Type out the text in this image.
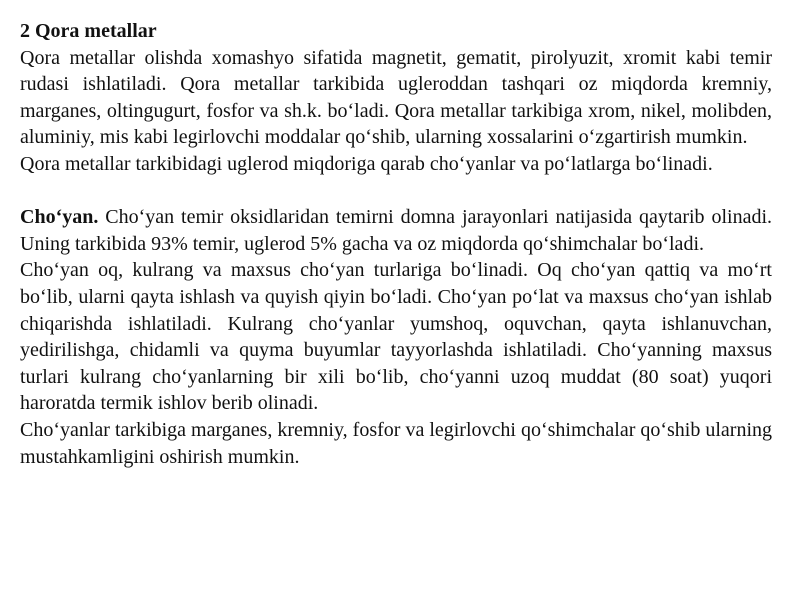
2 Qora metallar

Qora metallar olishda xomashyo sifatida magnetit, gematit, pirolyuzit, xromit kabi temir rudasi ishlatiladi. Qora metallar tarkibida ugleroddan tashqari oz miqdorda kremniy, marganes, oltingugurt, fosfor va sh.k. bo‘ladi. Qora metallar tarkibiga xrom, nikel, molibden, aluminiy, mis kabi legirlovchi moddalar qo‘shib, ularning xossalarini o‘zgartirish mumkin.

Qora metallar tarkibidagi uglerod miqdoriga qarab cho‘yanlar va po‘latlarga bo‘linadi.

Cho‘yan. Cho‘yan temir oksidlaridan temirni domna jarayonlari natijasida qaytarib olinadi. Uning tarkibida 93% temir, uglerod 5% gacha va oz miqdorda qo‘shimchalar bo‘ladi.

Cho‘yan oq, kulrang va maxsus cho‘yan turlariga bo‘linadi. Oq cho‘yan qattiq va mo‘rt bo‘lib, ularni qayta ishlash va quyish qiyin bo‘ladi. Cho‘yan po‘lat va maxsus cho‘yan ishlab chiqarishda ishlatiladi. Kulrang cho‘yanlar yumshoq, oquvchan, qayta ishlanuvchan, yedirilishga, chidamli va quyma buyumlar tayyorlashda ishlatiladi. Cho‘yanning maxsus turlari kulrang cho‘yanlarning bir xili bo‘lib, cho‘yanni uzoq muddat (80 soat) yuqori haroratda termik ishlov berib olinadi.

Cho‘yanlar tarkibiga marganes, kremniy, fosfor va legirlovchi qo‘shimchalar qo‘shib ularning mustahkamligini oshirish mumkin.
